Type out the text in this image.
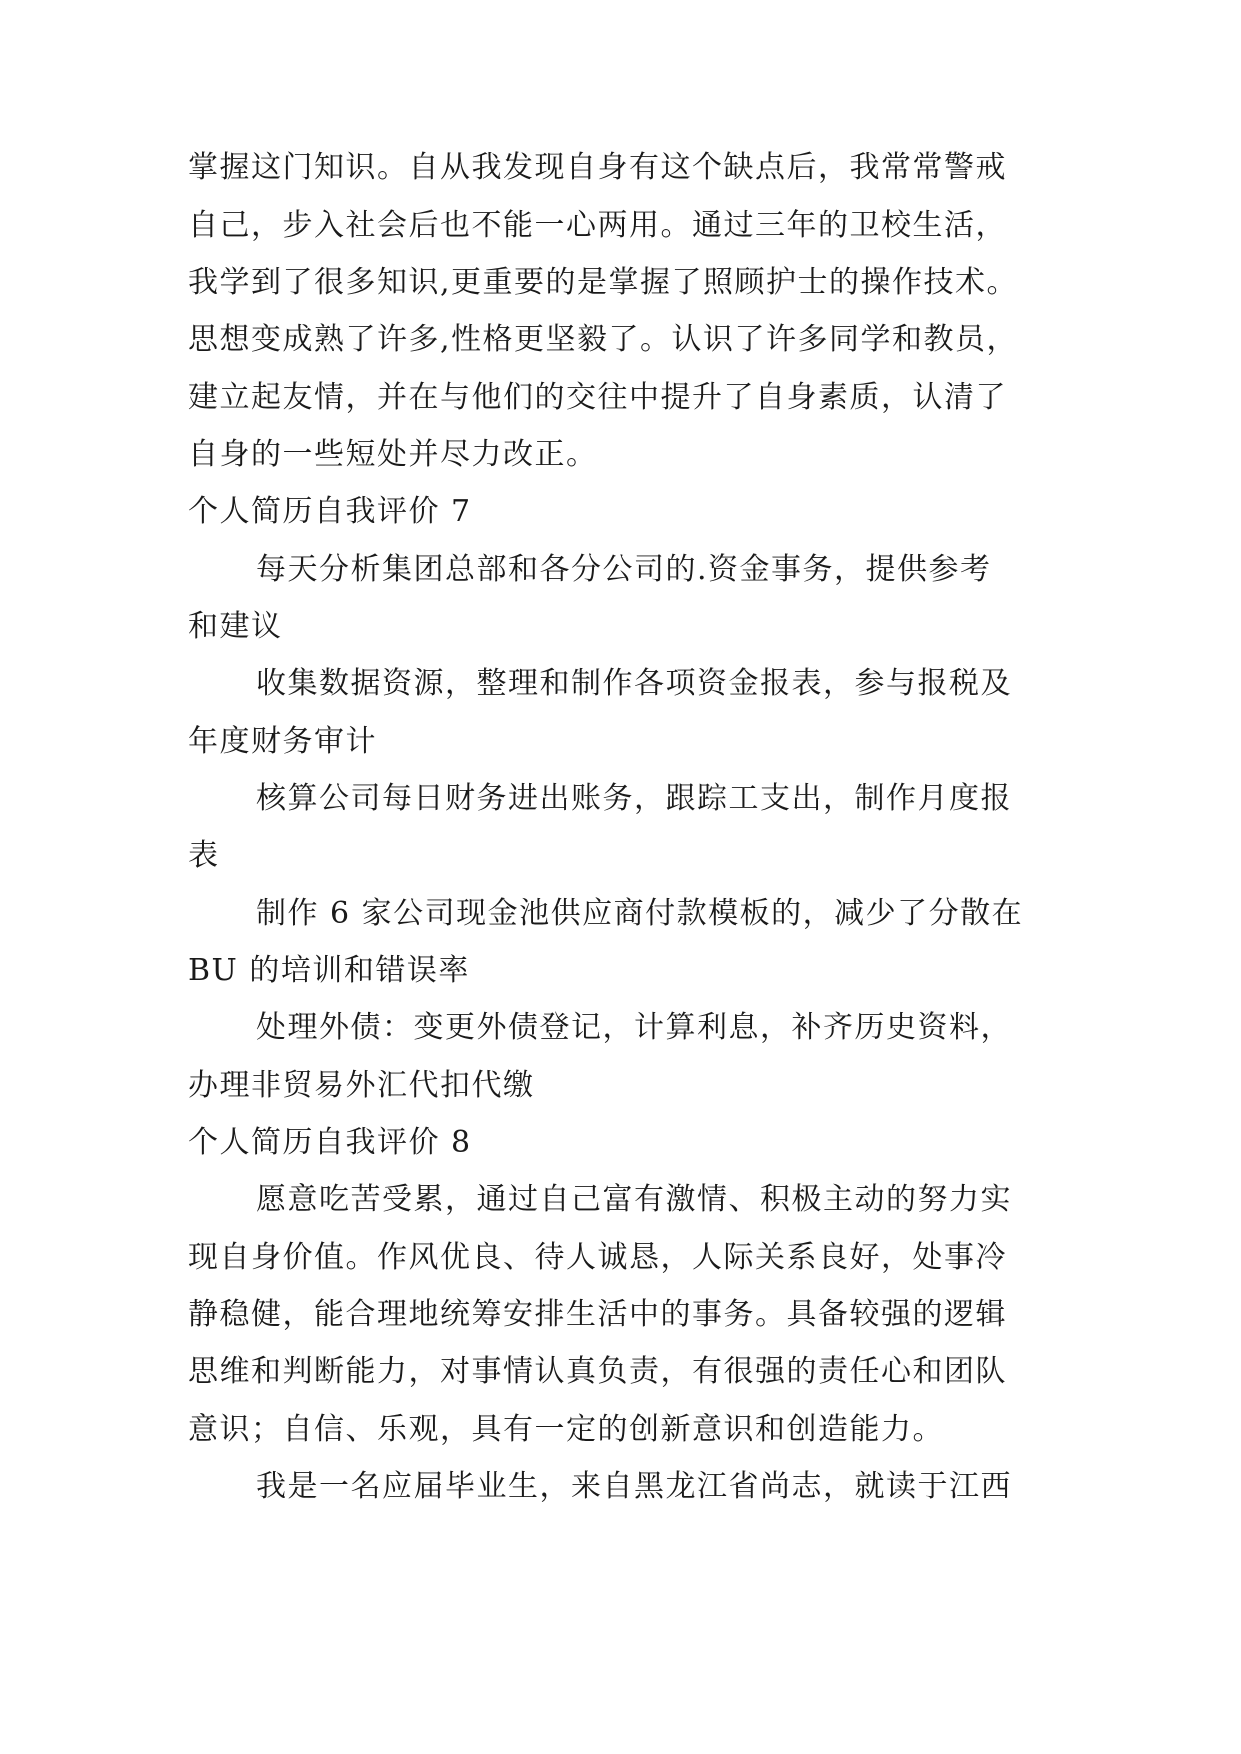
掌握这门知识。自从我发现自身有这个缺点后，我常常警戒
自己，步入社会后也不能一心两用。通过三年的卫校生活，
我学到了很多知识,更重要的是掌握了照顾护士的操作技术。
思想变成熟了许多,性格更坚毅了。认识了许多同学和教员，
建立起友情，并在与他们的交往中提升了自身素质，认清了
自身的一些短处并尽力改正。
个人简历自我评价 7
每天分析集团总部和各分公司的.资金事务，提供参考
和建议
收集数据资源，整理和制作各项资金报表，参与报税及
年度财务审计
核算公司每日财务进出账务，跟踪工支出，制作月度报
表
制作 6 家公司现金池供应商付款模板的，减少了分散在
BU 的培训和错误率
处理外债：变更外债登记，计算利息，补齐历史资料，
办理非贸易外汇代扣代缴
个人简历自我评价 8
愿意吃苦受累，通过自己富有激情、积极主动的努力实
现自身价值。作风优良、待人诚恳，人际关系良好，处事冷
静稳健，能合理地统筹安排生活中的事务。具备较强的逻辑
思维和判断能力，对事情认真负责，有很强的责任心和团队
意识；自信、乐观，具有一定的创新意识和创造能力。
我是一名应届毕业生，来自黑龙江省尚志，就读于江西
